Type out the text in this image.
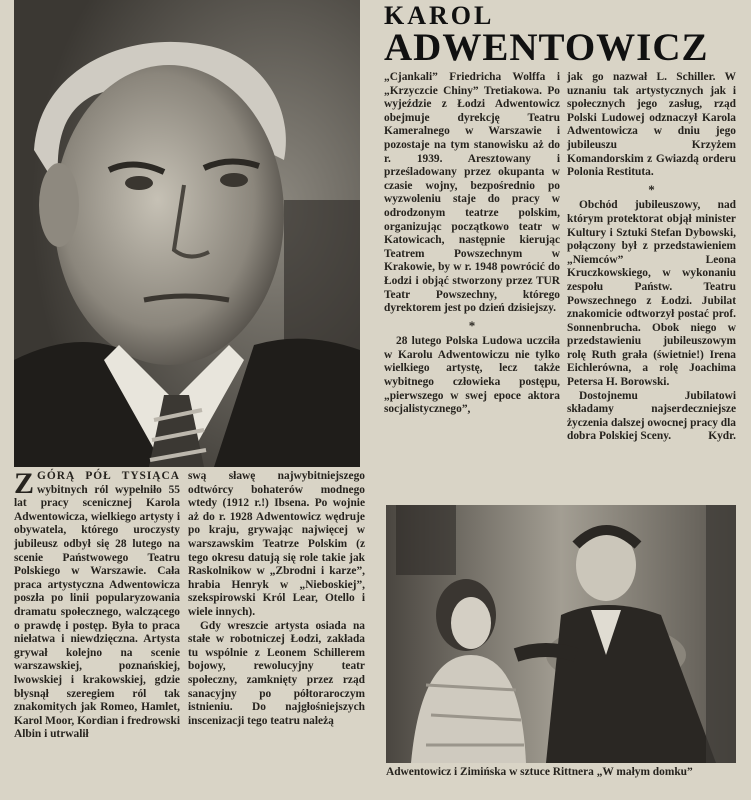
KAROL
ADWENTOWICZ

„Cjankali” Friedricha Wolffa i „Krzyczcie Chiny” Tretiakowa. Po wyjeździe z Łodzi Adwentowicz obejmuje dyrekcję Teatru Kameralnego w Warszawie i pozostaje na tym stanowisku aż do r. 1939. Aresztowany i prześladowany przez okupanta w czasie wojny, bezpośrednio po wyzwoleniu staje do pracy w odrodzonym teatrze polskim, organizując początkowo teatr w Katowicach, następnie kierując Teatrem Powszechnym w Krakowie, by w r. 1948 powrócić do Łodzi i objąć stworzony przez TUR Teatr Powszechny, którego dyrektorem jest po dzień dzisiejszy.

*

28 lutego Polska Ludowa uczciła w Karolu Adwentowiczu nie tylko wielkiego artystę, lecz także wybitnego człowieka postępu, „pierwszego w swej epoce aktora socjalistycznego”,

jak go nazwał L. Schiller. W uznaniu tak artystycznych jak i społecznych jego zasług, rząd Polski Ludowej odznaczył Karola Adwentowicza w dniu jego jubileuszu Krzyżem Komandorskim z Gwiazdą orderu Polonia Restituta.

*

Obchód jubileuszowy, nad którym protektorat objął minister Kultury i Sztuki Stefan Dybowski, połączony był z przedstawieniem „Niemców” Leona Kruczkowskiego, w wykonaniu zespołu Państw. Teatru Powszechnego z Łodzi. Jubilat znakomicie odtworzył postać prof. Sonnenbrucha. Obok niego w przedstawieniu jubileuszowym rolę Ruth grała (świetnie!) Irena Eichlerówna, a rolę Joachima Petersa H. Borowski.

Dostojnemu Jubilatowi składamy najserdeczniejsze życzenia dalszej owocnej pracy dla dobra Polskiej Sceny.	Kydr.

ZGÓRĄ PÓŁ TYSIĄCA wybitnych ról wypełniło 55 lat pracy scenicznej Karola Adwentowicza, wielkiego artysty i obywatela, którego uroczysty jubileusz odbył się 28 lutego na scenie Państwowego Teatru Polskiego w Warszawie. Cała praca artystyczna Adwentowicza poszła po linii popularyzowania dramatu społecznego, walczącego o prawdę i postęp. Była to praca niełatwa i niewdzięczna. Artysta grywał kolejno na scenie warszawskiej, poznańskiej, lwowskiej i krakowskiej, gdzie błysnął szeregiem ról tak znakomitych jak Romeo, Hamlet, Karol Moor, Kordian i fredrowski Albin i utrwalił

swą sławę najwybitniejszego odtwórcy bohaterów modnego wtedy (1912 r.!) Ibsena. Po wojnie aż do r. 1928 Adwentowicz wędruje po kraju, grywając najwięcej w warszawskim Teatrze Polskim (z tego okresu datują się role takie jak Raskolnikow w „Zbrodni i karze”, hrabia Henryk w „Nieboskiej”, szekspirowski Król Lear, Otello i wiele innych).

Gdy wreszcie artysta osiada na stałe w robotniczej Łodzi, zakłada tu wspólnie z Leonem Schillerem bojowy, rewolucyjny teatr społeczny, zamknięty przez rząd sanacyjny po półtoraroczym istnieniu. Do najgłośniejszych inscenizacji tego teatru należą

Adwentowicz i Zimińska w sztuce Rittnera „W małym domku”
